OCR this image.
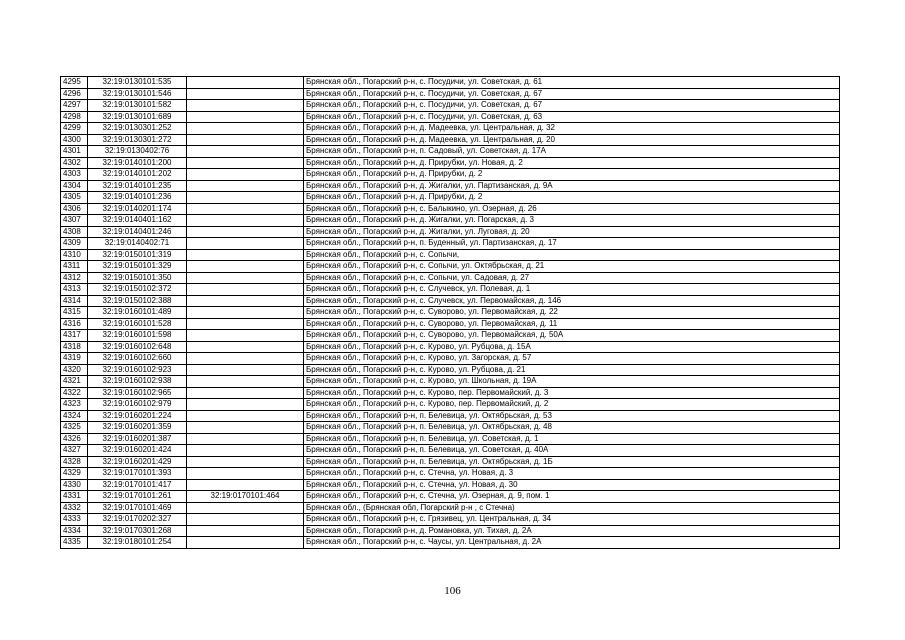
4295	32:19:0130101:535		Брянская обл., Погарский р-н, с. Посудичи, ул. Советская, д. 61
4296	32:19:0130101:546		Брянская обл., Погарский р-н, с. Посудичи, ул. Советская, д. 67
4297	32:19:0130101:582		Брянская обл., Погарский р-н, с. Посудичи, ул. Советская, д. 67
4298	32:19:0130101:689		Брянская обл., Погарский р-н, с. Посудичи, ул. Советская, д. 63
4299	32:19:0130301:252		Брянская обл., Погарский р-н, д. Мадеевка, ул. Центральная, д. 32
4300	32:19:0130301:272		Брянская обл., Погарский р-н, д. Мадеевка, ул. Центральная, д. 20
4301	32:19:0130402:76		Брянская обл., Погарский р-н, п. Садовый, ул. Советская, д. 17А
4302	32:19:0140101:200		Брянская обл., Погарский р-н, д. Прирубки, ул. Новая, д. 2
4303	32:19:0140101:202		Брянская обл., Погарский р-н, д. Прирубки, д. 2
4304	32:19:0140101:235		Брянская обл., Погарский р-н, д. Жигалки, ул. Партизанская, д. 9А
4305	32:19:0140101:236		Брянская обл., Погарский р-н, д. Прирубки, д. 2
4306	32:19:0140201:174		Брянская обл., Погарский р-н, с. Балыкино, ул. Озерная, д. 26
4307	32:19:0140401:162		Брянская обл., Погарский р-н, д. Жигалки, ул. Погарская, д. 3
4308	32:19:0140401:246		Брянская обл., Погарский р-н, д. Жигалки, ул. Луговая, д. 20
4309	32:19:0140402:71		Брянская обл., Погарский р-н, п. Буденный, ул. Партизанская, д. 17
4310	32:19:0150101:319		Брянская обл., Погарский р-н, с. Сопычи,
4311	32:19:0150101:329		Брянская обл., Погарский р-н, с. Сопычи, ул. Октябрьская, д. 21
4312	32:19:0150101:350		Брянская обл., Погарский р-н, с. Сопычи, ул. Садовая, д. 27
4313	32:19:0150102:372		Брянская обл., Погарский р-н, с. Случевск, ул. Полевая, д. 1
4314	32:19:0150102:388		Брянская обл., Погарский р-н, с. Случевск, ул. Первомайская, д. 146
4315	32:19:0160101:489		Брянская обл., Погарский р-н, с. Суворово, ул. Первомайская, д. 22
4316	32:19:0160101:528		Брянская обл., Погарский р-н, с. Суворово, ул. Первомайская, д. 11
4317	32:19:0160101:598		Брянская обл., Погарский р-н, с. Суворово, ул. Первомайская, д. 50А
4318	32:19:0160102:648		Брянская обл., Погарский р-н, с. Курово, ул. Рубцова, д. 15А
4319	32:19:0160102:660		Брянская обл., Погарский р-н, с. Курово, ул. Загорская, д. 57
4320	32:19:0160102:923		Брянская обл., Погарский р-н, с. Курово, ул. Рубцова, д. 21
4321	32:19:0160102:938		Брянская обл., Погарский р-н, с. Курово, ул. Школьная, д. 19А
4322	32:19:0160102:965		Брянская обл., Погарский р-н, с. Курово, пер. Первомайский, д. 3
4323	32:19:0160102:979		Брянская обл., Погарский р-н, с. Курово, пер. Первомайский, д. 2
4324	32:19:0160201:224		Брянская обл., Погарский р-н, п. Белевица, ул. Октябрьская, д. 53
4325	32:19:0160201:359		Брянская обл., Погарский р-н, п. Белевица, ул. Октябрьская, д. 48
4326	32:19:0160201:387		Брянская обл., Погарский р-н, п. Белевица, ул. Советская, д. 1
4327	32:19:0160201:424		Брянская обл., Погарский р-н, п. Белевица, ул. Советская, д. 40А
4328	32:19:0160201:429		Брянская обл., Погарский р-н, п. Белевица, ул. Октябрьская, д. 1Б
4329	32:19:0170101:393		Брянская обл., Погарский р-н, с. Стечна, ул. Новая, д. 3
4330	32:19:0170101:417		Брянская обл., Погарский р-н, с. Стечна, ул. Новая, д. 30
4331	32:19:0170101:261	32:19:0170101:464	Брянская обл., Погарский р-н, с. Стечна, ул. Озерная, д. 9, пом. 1
4332	32:19:0170101:469		Брянская обл., (Брянская обл, Погарский р-н , с Стечна)
4333	32:19:0170202:327		Брянская обл., Погарский р-н, с. Грязивец, ул. Центральная, д. 34
4334	32:19:0170301:268		Брянская обл., Погарский р-н, д. Романовка, ул. Тихая, д. 2А
4335	32:19:0180101:254		Брянская обл., Погарский р-н, с. Чаусы, ул. Центральная, д. 2А
106
